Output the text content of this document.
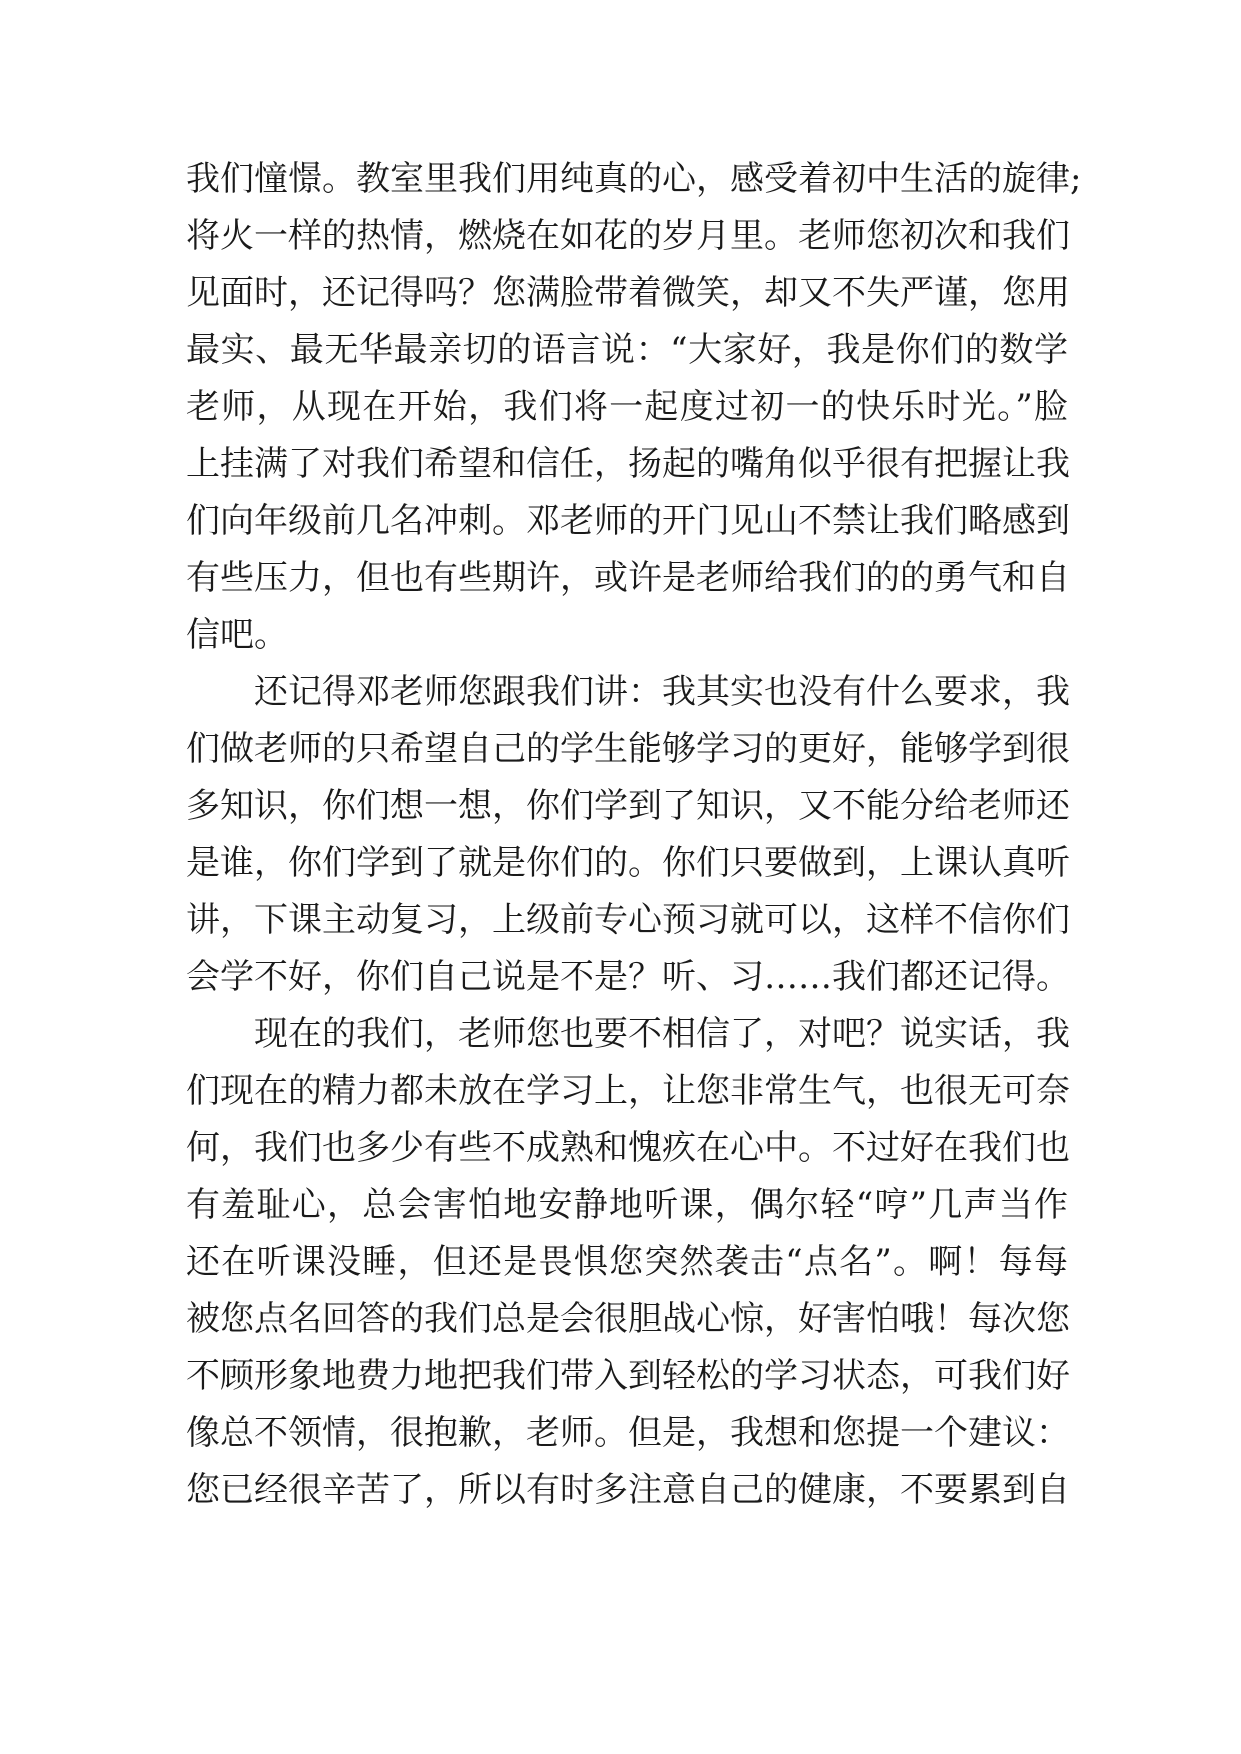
我们憧憬。教室里我们用纯真的心，感受着初中生活的旋律;
将火一样的热情，燃烧在如花的岁月里。老师您初次和我们
见面时，还记得吗？您满脸带着微笑，却又不失严谨，您用
最实、最无华最亲切的语言说：“大家好，我是你们的数学
老师，从现在开始，我们将一起度过初一的快乐时光。”脸
上挂满了对我们希望和信任，扬起的嘴角似乎很有把握让我
们向年级前几名冲刺。邓老师的开门见山不禁让我们略感到
有些压力，但也有些期许，或许是老师给我们的的勇气和自
信吧。
还记得邓老师您跟我们讲：我其实也没有什么要求，我
们做老师的只希望自己的学生能够学习的更好，能够学到很
多知识，你们想一想，你们学到了知识，又不能分给老师还
是谁，你们学到了就是你们的。你们只要做到，上课认真听
讲，下课主动复习，上级前专心预习就可以，这样不信你们
会学不好，你们自己说是不是？听、习……我们都还记得。
现在的我们，老师您也要不相信了，对吧？说实话，我
们现在的精力都未放在学习上，让您非常生气，也很无可奈
何，我们也多少有些不成熟和愧疚在心中。不过好在我们也
有羞耻心，总会害怕地安静地听课，偶尔轻“哼”几声当作
还在听课没睡，但还是畏惧您突然袭击“点名”。啊！每每
被您点名回答的我们总是会很胆战心惊，好害怕哦！每次您
不顾形象地费力地把我们带入到轻松的学习状态，可我们好
像总不领情，很抱歉，老师。但是，我想和您提一个建议：
您已经很辛苦了，所以有时多注意自己的健康，不要累到自
